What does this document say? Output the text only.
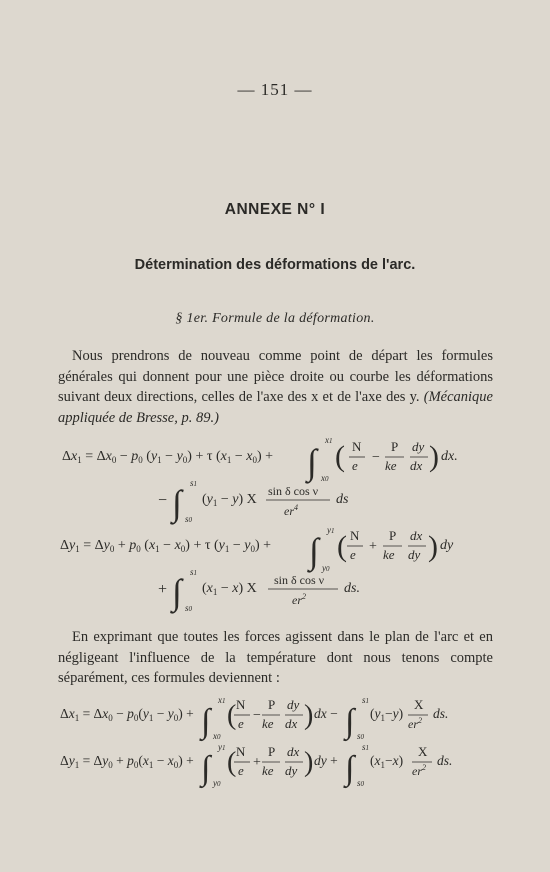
— 151 —
ANNEXE N° I
Détermination des déformations de l'arc.
§ 1er. Formule de la déformation.

Nous prendrons de nouveau comme point de départ les formules générales qui donnent pour une pièce droite ou courbe les déformations suivant deux directions, celles de l'axe des x et de l'axe des y. (Mécanique appliquée de Bresse, p. 89.)

En exprimant que toutes les forces agissent dans le plan de l'arc et en négligeant l'influence de la température dont nous tenons compte séparément, ces formules deviennent :

$\Delta x_1 = \Delta x_0 - p_0$ $(y_1 - y_0) + \tau$ $(x_1 - x_0)$ + ∫
x1
x0
( N
e
−
P
ke
dy
dx ) dx.
− ∫ s1
s0
$(y_1 - y)$ X
sin δ cos ν
$er^4$
ds
$\Delta y_1 = \Delta y_0 + p_0$ $(x_1 - x_0) + \tau$ $(y_1 - y_0)$ + ∫
y1
y0
( N
e
+
P
ke
dx
dy ) dy
+ ∫ s1
s0
$(x_1 - x)$ X
sin δ cos ν
$er^2$
ds.
$\Delta x_1 = \Delta x_0 - p_0(y_1 - y_0)$ + ∫
x1
x0
( N
e
−
P
ke
dy
dx ) dx − ∫
s1
s0
$(y_1-y)$
X
$er^2$ ds.
$\Delta y_1 = \Delta y_0 + p_0(x_1 - x_0)$ + ∫
y1
y0
( N
e
+
P
ke
dx
dy ) dy + ∫
s1
s0
$(x_1-x)$
X
$er^2$ ds.
